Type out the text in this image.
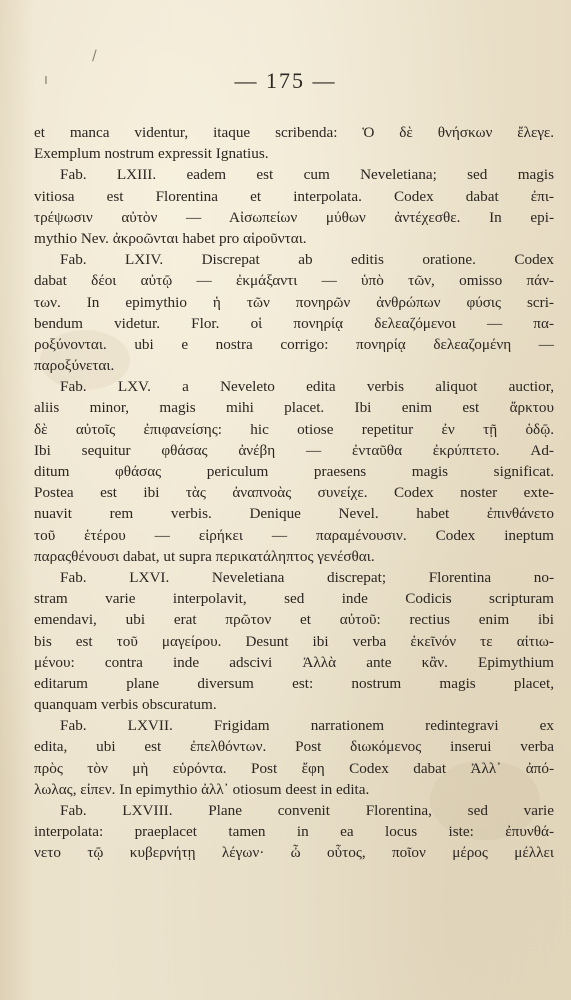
ı
/
— 175 —
et manca videntur, itaque scribenda: Ὁ δὲ θνήσκων ἔλεγε.
Exemplum nostrum expressit Ignatius.
Fab. LXIII. eadem est cum Neveletiana; sed magis
vitiosa est Florentina et interpolata. Codex dabat ἐπι-
τρέψωσιν αὐτὸν — Αἰσωπείων μύθων ἀντέχεσθε. In epi-
mythio Nev. ἀκροῶνται habet pro αἱροῦνται.
Fab. LXIV. Discrepat ab editis oratione. Codex
dabat δέοι αὐτῷ — ἐκμάξαντι — ὑπὸ τῶν, omisso πάν-
των. In epimythio ἡ τῶν πονηρῶν ἀνθρώπων φύσις scri-
bendum videtur. Flor. οἱ πονηρίᾳ δελεαζόμενοι — πα-
ροξύνονται. ubi e nostra corrigo: πονηρίᾳ δελεαζομένη —
παροξύνεται.
Fab. LXV. a Neveleto edita verbis aliquot auctior,
aliis minor, magis mihi placet. Ibi enim est ἄρκτου
δὲ αὐτοῖς ἐπιφανείσης: hic otiose repetitur ἐν τῇ ὁδῷ.
Ibi sequitur φθάσας ἀνέβη — ἐνταῦθα ἐκρύπτετο. Ad-
ditum φθάσας periculum praesens magis significat.
Postea est ibi τὰς ἀναπνοὰς συνείχε. Codex noster exte-
nuavit rem verbis. Denique Nevel. habet ἐπινθάνετο
τοῦ ἑτέρου — εἰρήκει — παραμένουσιν. Codex ineptum
παραςθένουσι dabat, ut supra περικατάληπτος γενέσθαι.
Fab. LXVI. Neveletiana discrepat; Florentina no-
stram varie interpolavit, sed inde Codicis scripturam
emendavi, ubi erat πρῶτον et αὐτοῦ: rectius enim ibi
bis est τοῦ μαγείρου. Desunt ibi verba ἐκεῖνόν τε αἰτιω-
μένου: contra inde adscivi Ἀλλὰ ante κἂν. Epimythium
editarum plane diversum est: nostrum magis placet,
quanquam verbis obscuratum.
Fab. LXVII. Frigidam narrationem redintegravi ex
edita, ubi est ἐπελθόντων. Post διωκόμενος inserui verba
πρὸς τὸν μὴ εὑρόντα. Post ἔφη Codex dabat Ἀλλ᾽ ἀπό-
λωλας, εἰπεν. In epimythio ἀλλ᾽ otiosum deest in edita.
Fab. LXVIII. Plane convenit Florentina, sed varie
interpolata: praeplacet tamen in ea locus iste: ἐπυνθά-
νετο τῷ κυβερνήτῃ λέγων· ὦ οὗτος, ποῖον μέρος μέλλει
